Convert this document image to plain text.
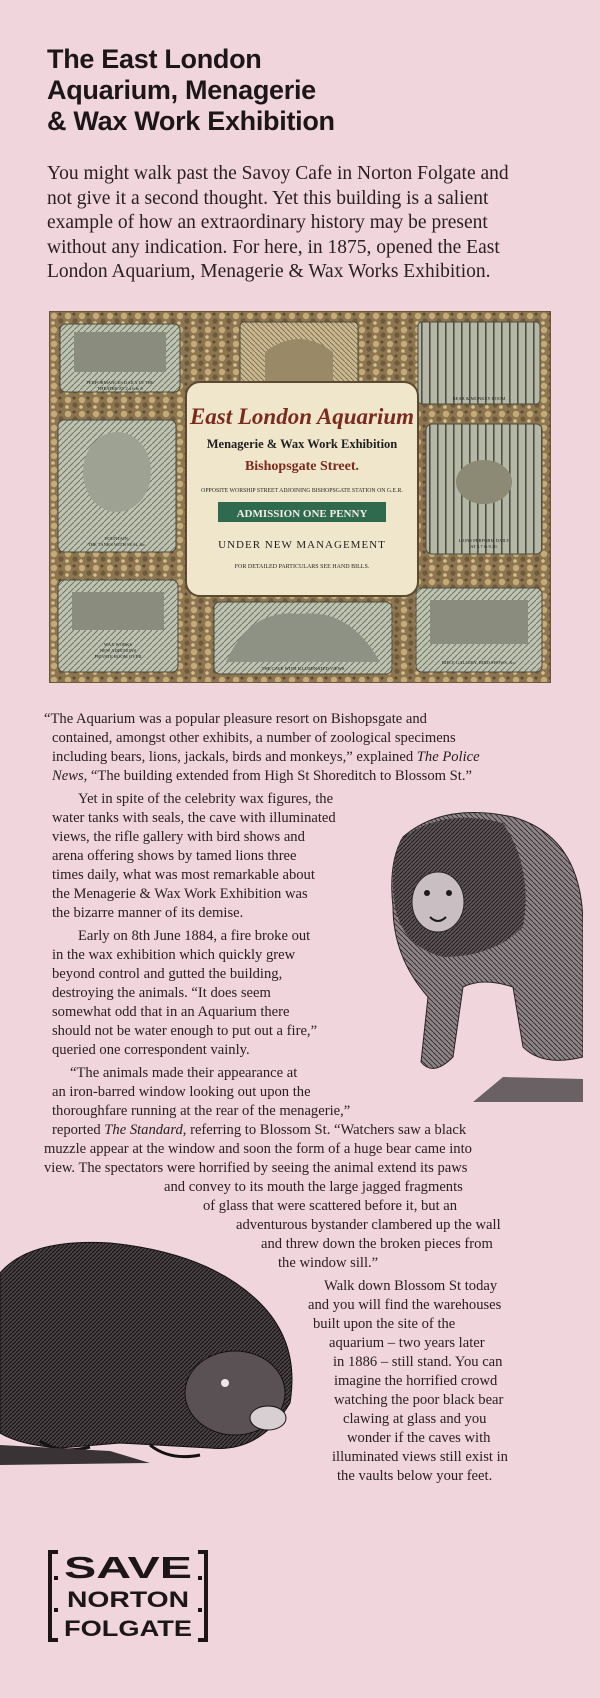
The East London
Aquarium, Menagerie
& Wax Work Exhibition
You might walk past the Savoy Cafe in Norton Folgate and
not give it a second thought. Yet this building is a salient
example of how an extraordinary history may be present
without any indication. For here, in 1875, opened the East
London Aquarium, Menagerie & Wax Works Exhibition.
PERFORMANCES DAILY IN THE
THEATRE AT 2.4.6 & 8
BEAR & MONKEY ROOM
FOUNTAIN,
THE TANKS WITH SEAL &c.
LIONS PERFORM DAILY
AT 3.7 & 9.30.
WAX WORKS
NEW ADDITIONS
PRIVATE ROOM OVER
THE CAVE WITH ILLUMINATED VIEWS
RIFLE GALLERY, BIRD SHOWS, &c.
East London Aquarium
Menagerie & Wax Work Exhibition
Bishopsgate Street.
OPPOSITE WORSHIP STREET ADJOINING BISHOPSGATE STATION ON G.E.R.
ADMISSION ONE PENNY
UNDER NEW MANAGEMENT
FOR DETAILED PARTICULARS SEE HAND BILLS.
“The Aquarium was a popular pleasure resort on Bishopsgate and
contained, amongst other exhibits, a number of zoological specimens
including bears, lions, jackals, birds and monkeys,” explained The Police
News, “The building extended from High St Shoreditch to Blossom St.”
Yet in spite of the celebrity wax figures, the
water tanks with seals, the cave with illuminated
views, the rifle gallery with bird shows and
arena offering shows by tamed lions three
times daily, what was most remarkable about
the Menagerie & Wax Work Exhibition was
the bizarre manner of its demise.
Early on 8th June 1884, a fire broke out
in the wax exhibition which quickly grew
beyond control and gutted the building,
destroying the animals. “It does seem
somewhat odd that in an Aquarium there
should not be water enough to put out a fire,”
queried one correspondent vainly.
“The animals made their appearance at
an iron-barred window looking out upon the
thoroughfare running at the rear of the menagerie,”
reported The Standard, referring to Blossom St. “Watchers saw a black
muzzle appear at the window and soon the form of a huge bear came into
view. The spectators were horrified by seeing the animal extend its paws
and convey to its mouth the large jagged fragments
of glass that were scattered before it, but an
adventurous bystander clambered up the wall
and threw down the broken pieces from
the window sill.”
Walk down Blossom St today
and you will find the warehouses
built upon the site of the
aquarium – two years later
in 1886 – still stand. You can
imagine the horrified crowd
watching the poor black bear
clawing at glass and you
wonder if the caves with
illuminated views still exist in
the vaults below your feet.
SAVE
NORTON
FOLGATE
